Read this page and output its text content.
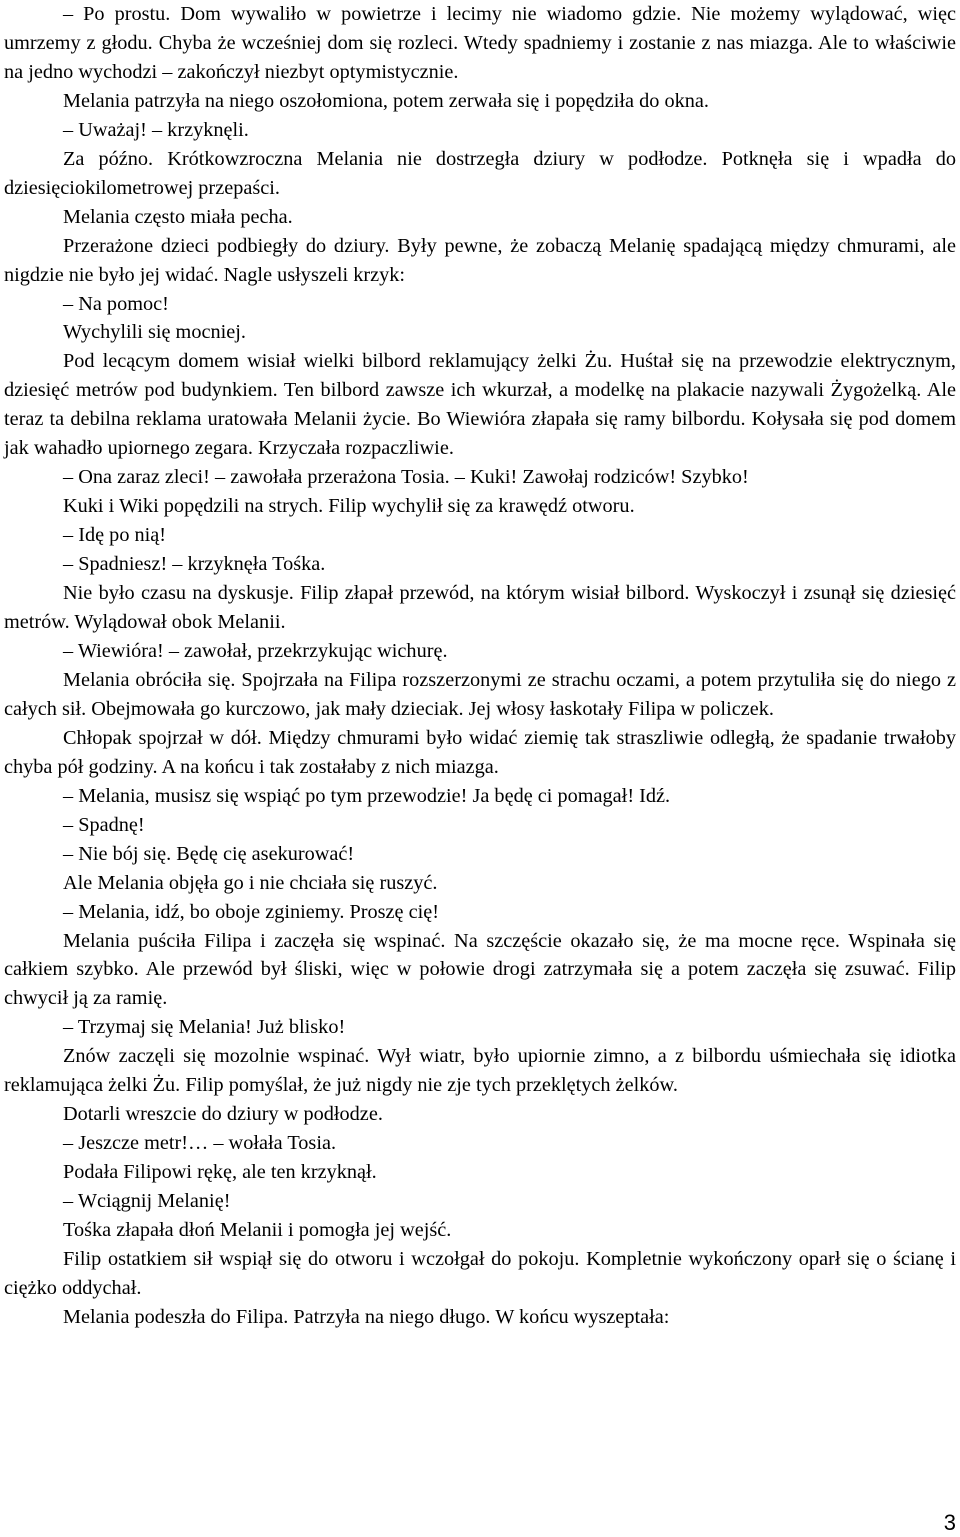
– Po prostu. Dom wywaliło w powietrze i lecimy nie wiadomo gdzie. Nie możemy wylądować, więc umrzemy z głodu. Chyba że wcześniej dom się rozleci. Wtedy spadniemy i zostanie z nas miazga. Ale to właściwie na jedno wychodzi – zakończył niezbyt optymistycznie.

Melania patrzyła na niego oszołomiona, potem zerwała się i popędziła do okna.

– Uważaj! – krzyknęli.

Za późno. Krótkowzroczna Melania nie dostrzegła dziury w podłodze. Potknęła się i wpadła do dziesięciokilometrowej przepaści.

Melania często miała pecha.

Przerażone dzieci podbiegły do dziury. Były pewne, że zobaczą Melanię spadającą między chmurami, ale nigdzie nie było jej widać. Nagle usłyszeli krzyk:

– Na pomoc!

Wychylili się mocniej.

Pod lecącym domem wisiał wielki bilbord reklamujący żelki Żu. Huśtał się na przewodzie elektrycznym, dziesięć metrów pod budynkiem. Ten bilbord zawsze ich wkurzał, a modelkę na plakacie nazywali Żygożelką. Ale teraz ta debilna reklama uratowała Melanii życie. Bo Wiewióra złapała się ramy bilbordu. Kołysała się pod domem jak wahadło upiornego zegara. Krzyczała rozpaczliwie.

– Ona zaraz zleci! – zawołała przerażona Tosia. – Kuki! Zawołaj rodziców! Szybko!

Kuki i Wiki popędzili na strych. Filip wychylił się za krawędź otworu.

– Idę po nią!

– Spadniesz! – krzyknęła Tośka.

Nie było czasu na dyskusje. Filip złapał przewód, na którym wisiał bilbord. Wyskoczył i zsunął się dziesięć metrów. Wylądował obok Melanii.

– Wiewióra! – zawołał, przekrzykując wichurę.

Melania obróciła się. Spojrzała na Filipa rozszerzonymi ze strachu oczami, a potem przytuliła się do niego z całych sił. Obejmowała go kurczowo, jak mały dzieciak. Jej włosy łaskotały Filipa w policzek.

Chłopak spojrzał w dół. Między chmurami było widać ziemię tak straszliwie odległą, że spadanie trwałoby chyba pół godziny. A na końcu i tak zostałaby z nich miazga.

– Melania, musisz się wspiąć po tym przewodzie! Ja będę ci pomagał! Idź.

– Spadnę!

– Nie bój się. Będę cię asekurować!

Ale Melania objęła go i nie chciała się ruszyć.

– Melania, idź, bo oboje zginiemy. Proszę cię!

Melania puściła Filipa i zaczęła się wspinać. Na szczęście okazało się, że ma mocne ręce. Wspinała się całkiem szybko. Ale przewód był śliski, więc w połowie drogi zatrzymała się a potem zaczęła się zsuwać. Filip chwycił ją za ramię.

– Trzymaj się Melania! Już blisko!

Znów zaczęli się mozolnie wspinać. Wył wiatr, było upiornie zimno, a z bilbordu uśmiechała się idiotka reklamująca żelki Żu. Filip pomyślał, że już nigdy nie zje tych przeklętych żelków.

Dotarli wreszcie do dziury w podłodze.

– Jeszcze metr!… – wołała Tosia.

Podała Filipowi rękę, ale ten krzyknął.

– Wciągnij Melanię!

Tośka złapała dłoń Melanii i pomogła jej wejść.

Filip ostatkiem sił wspiął się do otworu i wczołgał do pokoju. Kompletnie wykończony oparł się o ścianę i ciężko oddychał.

Melania podeszła do Filipa. Patrzyła na niego długo. W końcu wyszeptała:

3
